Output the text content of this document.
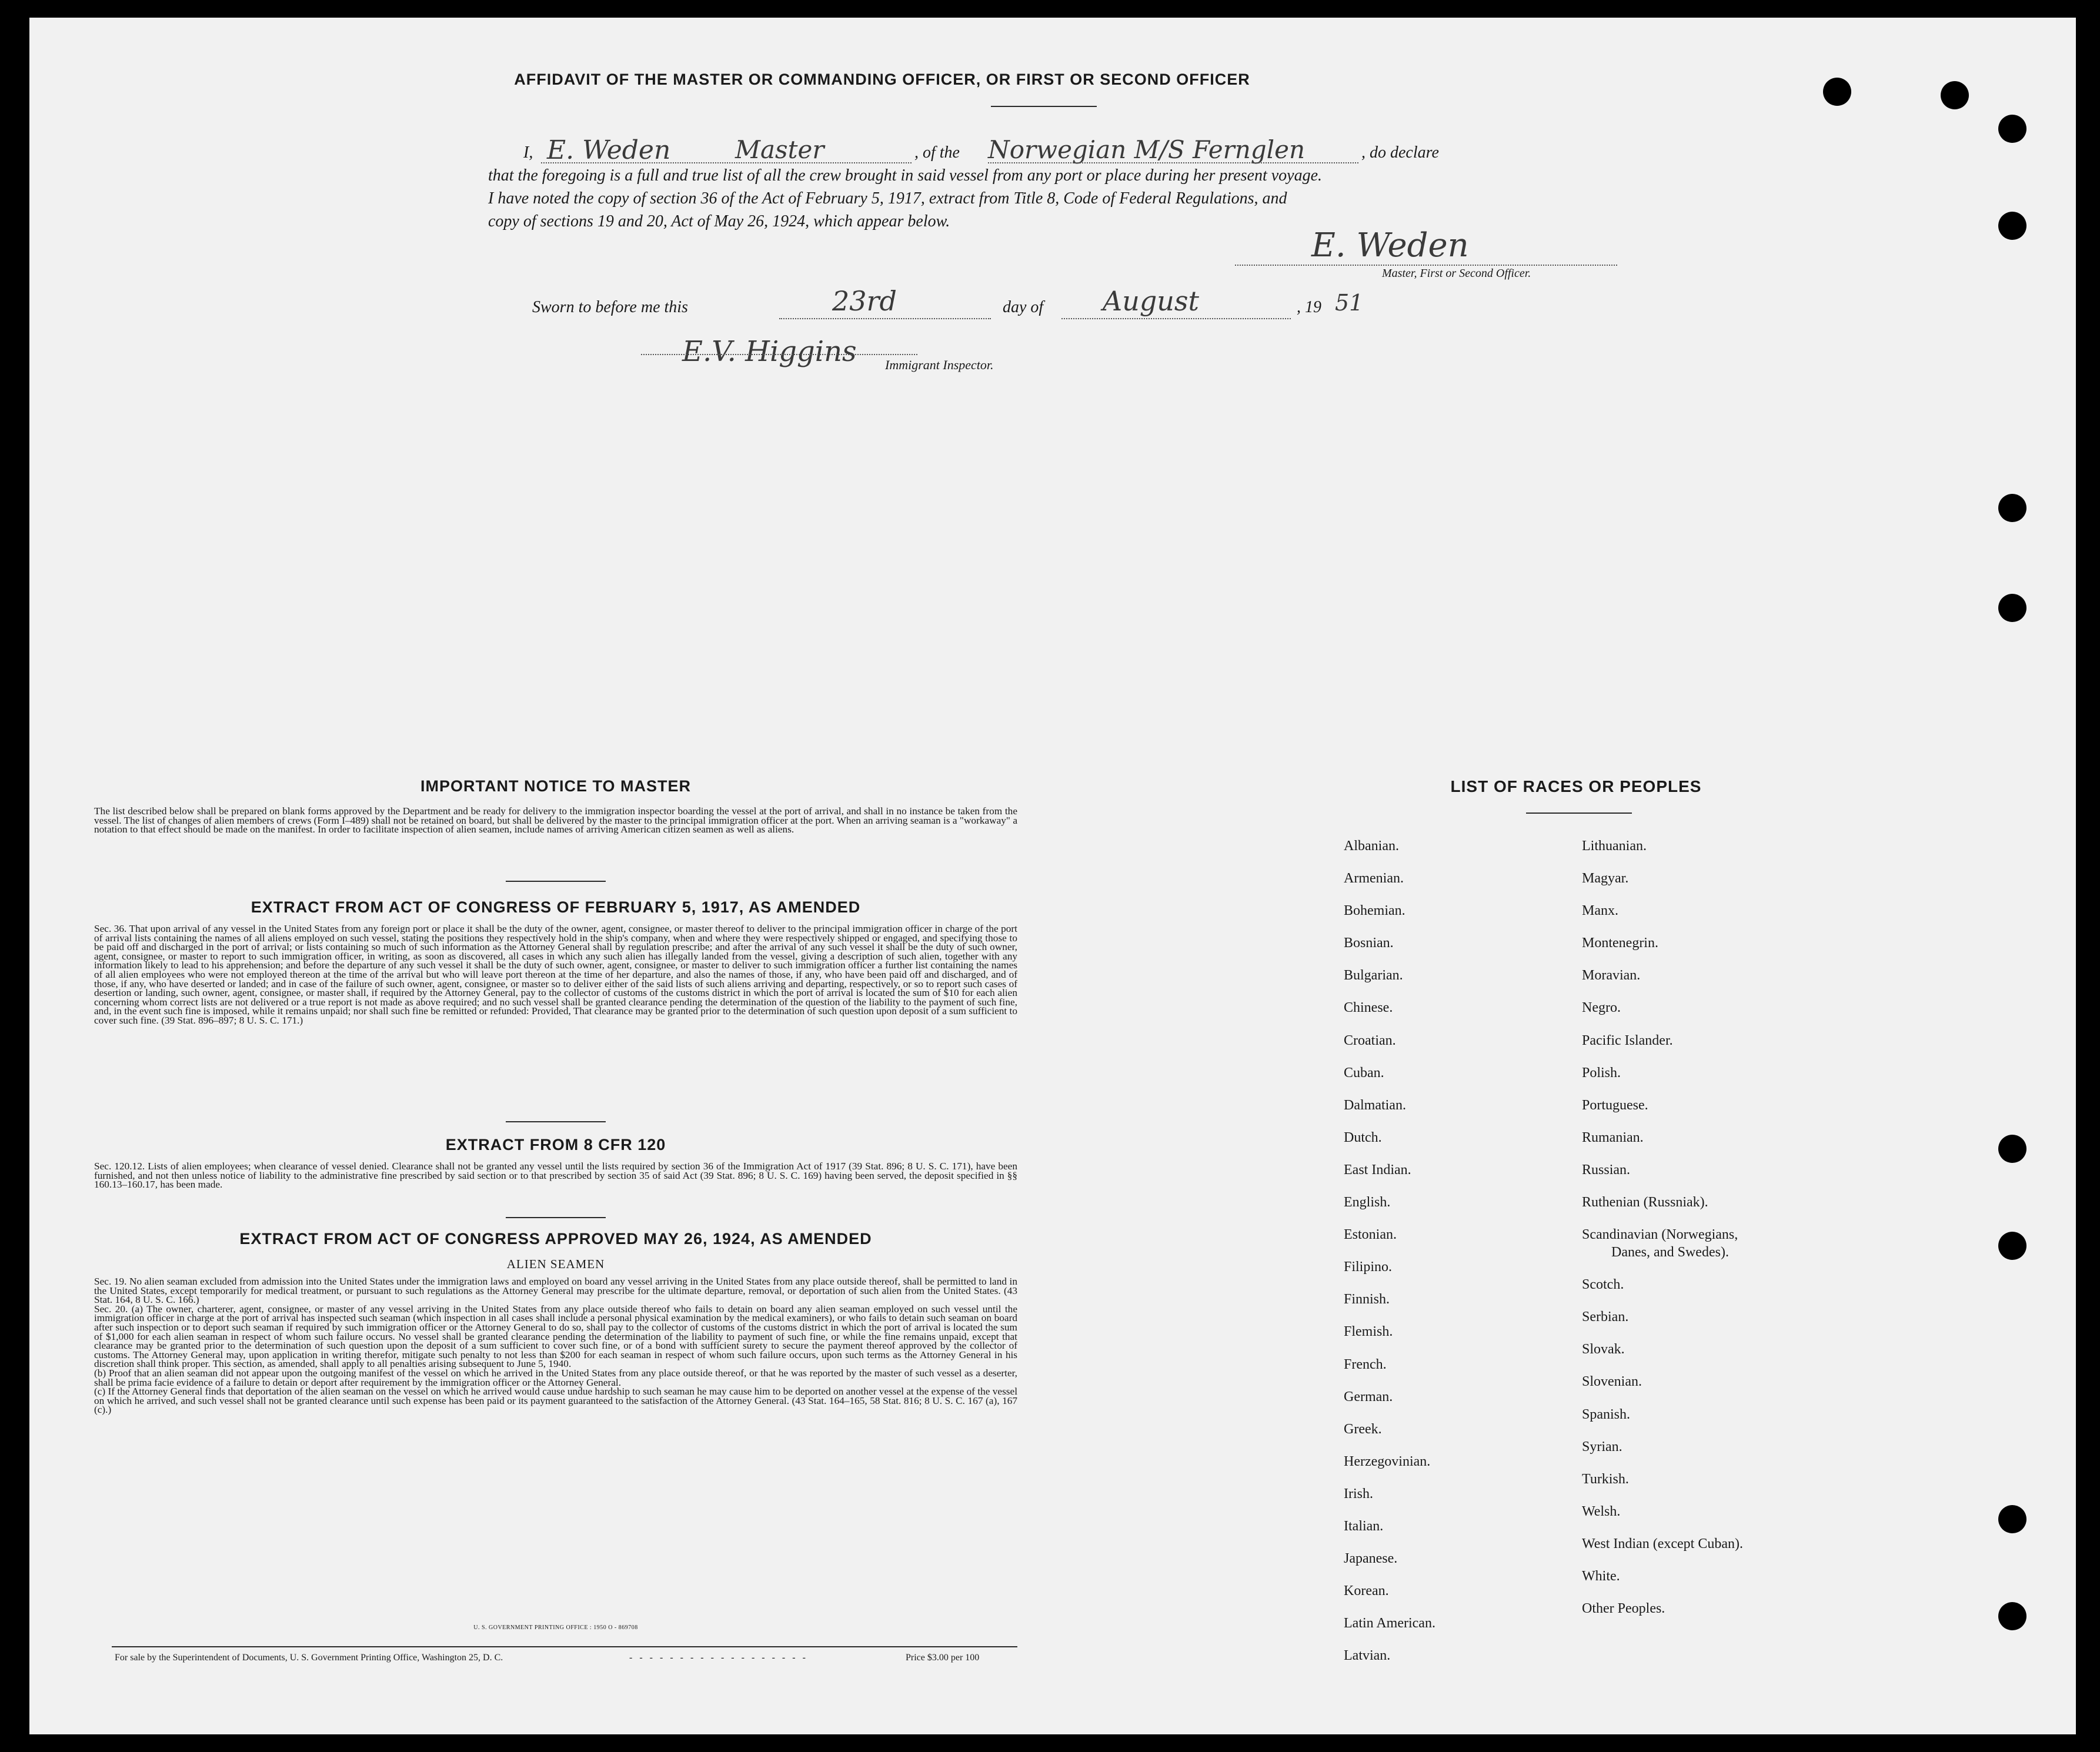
AFFIDAVIT OF THE MASTER OR COMMANDING OFFICER, OR FIRST OR SECOND OFFICER
I, E. Weden	Master	, of the Norwegian M/S Fernglen	, do declare
that the foregoing is a full and true list of all the crew brought in said vessel from any port or place during her present voyage.
I have noted the copy of section 36 of the Act of February 5, 1917, extract from Title 8, Code of Federal Regulations, and
copy of sections 19 and 20, Act of May 26, 1924, which appear below.
E. Weden
Master, First or Second Officer.
Sworn to before me this	23rd	day of August	, 19 51
E.V. Higgins Immigrant Inspector.
IMPORTANT NOTICE TO MASTER
The list described below shall be prepared on blank forms approved by the Department and be ready for delivery to the immigration inspector boarding the vessel at the port of arrival, and shall in no instance be taken from the vessel. The list of changes of alien members of crews (Form I–489) shall not be retained on board, but shall be delivered by the master to the principal immigration officer at the port. When an arriving seaman is a "workaway" a notation to that effect should be made on the manifest. In order to facilitate inspection of alien seamen, include names of arriving American citizen seamen as well as aliens.
EXTRACT FROM ACT OF CONGRESS OF FEBRUARY 5, 1917, AS AMENDED
Sec. 36. That upon arrival of any vessel in the United States from any foreign port or place it shall be the duty of the owner, agent, consignee, or master thereof to deliver to the principal immigration officer in charge of the port of arrival lists containing the names of all aliens employed on such vessel, stating the positions they respectively hold in the ship's company, when and where they were respectively shipped or engaged, and specifying those to be paid off and discharged in the port of arrival; or lists containing so much of such information as the Attorney General shall by regulation prescribe; and after the arrival of any such vessel it shall be the duty of such owner, agent, consignee, or master to report to such immigration officer, in writing, as soon as discovered, all cases in which any such alien has illegally landed from the vessel, giving a description of such alien, together with any information likely to lead to his apprehension; and before the departure of any such vessel it shall be the duty of such owner, agent, consignee, or master to deliver to such immigration officer a further list containing the names of all alien employees who were not employed thereon at the time of the arrival but who will leave port thereon at the time of her departure, and also the names of those, if any, who have been paid off and discharged, and of those, if any, who have deserted or landed; and in case of the failure of such owner, agent, consignee, or master so to deliver either of the said lists of such aliens arriving and departing, respectively, or so to report such cases of desertion or landing, such owner, agent, consignee, or master shall, if required by the Attorney General, pay to the collector of customs of the customs district in which the port of arrival is located the sum of $10 for each alien concerning whom correct lists are not delivered or a true report is not made as above required; and no such vessel shall be granted clearance pending the determination of the question of the liability to the payment of such fine, and, in the event such fine is imposed, while it remains unpaid; nor shall such fine be remitted or refunded: Provided, That clearance may be granted prior to the determination of such question upon deposit of a sum sufficient to cover such fine. (39 Stat. 896–897; 8 U. S. C. 171.)
EXTRACT FROM 8 CFR 120
Sec. 120.12. Lists of alien employees; when clearance of vessel denied. Clearance shall not be granted any vessel until the lists required by section 36 of the Immigration Act of 1917 (39 Stat. 896; 8 U. S. C. 171), have been furnished, and not then unless notice of liability to the administrative fine prescribed by said section or to that prescribed by section 35 of said Act (39 Stat. 896; 8 U. S. C. 169) having been served, the deposit specified in §§ 160.13–160.17, has been made.
EXTRACT FROM ACT OF CONGRESS APPROVED MAY 26, 1924, AS AMENDED
ALIEN SEAMEN
Sec. 19. No alien seaman excluded from admission into the United States under the immigration laws and employed on board any vessel arriving in the United States from any place outside thereof, shall be permitted to land in the United States, except temporarily for medical treatment, or pursuant to such regulations as the Attorney General may prescribe for the ultimate departure, removal, or deportation of such alien from the United States. (43 Stat. 164, 8 U. S. C. 166.)
Sec. 20. (a) The owner, charterer, agent, consignee, or master of any vessel arriving in the United States from any place outside thereof who fails to detain on board any alien seaman employed on such vessel until the immigration officer in charge at the port of arrival has inspected such seaman (which inspection in all cases shall include a personal physical examination by the medical examiners), or who fails to detain such seaman on board after such inspection or to deport such seaman if required by such immigration officer or the Attorney General to do so, shall pay to the collector of customs of the customs district in which the port of arrival is located the sum of $1,000 for each alien seaman in respect of whom such failure occurs. No vessel shall be granted clearance pending the determination of the liability to payment of such fine, or while the fine remains unpaid, except that clearance may be granted prior to the determination of such question upon the deposit of a sum sufficient to cover such fine, or of a bond with sufficient surety to secure the payment thereof approved by the collector of customs. The Attorney General may, upon application in writing therefor, mitigate such penalty to not less than $200 for each seaman in respect of whom such failure occurs, upon such terms as the Attorney General in his discretion shall think proper. This section, as amended, shall apply to all penalties arising subsequent to June 5, 1940.
(b) Proof that an alien seaman did not appear upon the outgoing manifest of the vessel on which he arrived in the United States from any place outside thereof, or that he was reported by the master of such vessel as a deserter, shall be prima facie evidence of a failure to detain or deport after requirement by the immigration officer or the Attorney General.
(c) If the Attorney General finds that deportation of the alien seaman on the vessel on which he arrived would cause undue hardship to such seaman he may cause him to be deported on another vessel at the expense of the vessel on which he arrived, and such vessel shall not be granted clearance until such expense has been paid or its payment guaranteed to the satisfaction of the Attorney General. (43 Stat. 164–165, 58 Stat. 816; 8 U. S. C. 167 (a), 167 (c).)
U. S. GOVERNMENT PRINTING OFFICE : 1950 O - 869708
For sale by the Superintendent of Documents, U. S. Government Printing Office, Washington 25, D. C.	- - - - - - - - - - - - - - - - - -	Price $3.00 per 100
LIST OF RACES OR PEOPLES
Albanian.
Armenian.
Bohemian.
Bosnian.
Bulgarian.
Chinese.
Croatian.
Cuban.
Dalmatian.
Dutch.
East Indian.
English.
Estonian.
Filipino.
Finnish.
Flemish.
French.
German.
Greek.
Herzegovinian.
Irish.
Italian.
Japanese.
Korean.
Latin American.
Latvian.
Lithuanian.
Magyar.
Manx.
Montenegrin.
Moravian.
Negro.
Pacific Islander.
Polish.
Portuguese.
Rumanian.
Russian.
Ruthenian (Russniak).
Scandinavian (Norwegians,
Danes, and Swedes).
Scotch.
Serbian.
Slovak.
Slovenian.
Spanish.
Syrian.
Turkish.
Welsh.
West Indian (except Cuban).
White.
Other Peoples.
